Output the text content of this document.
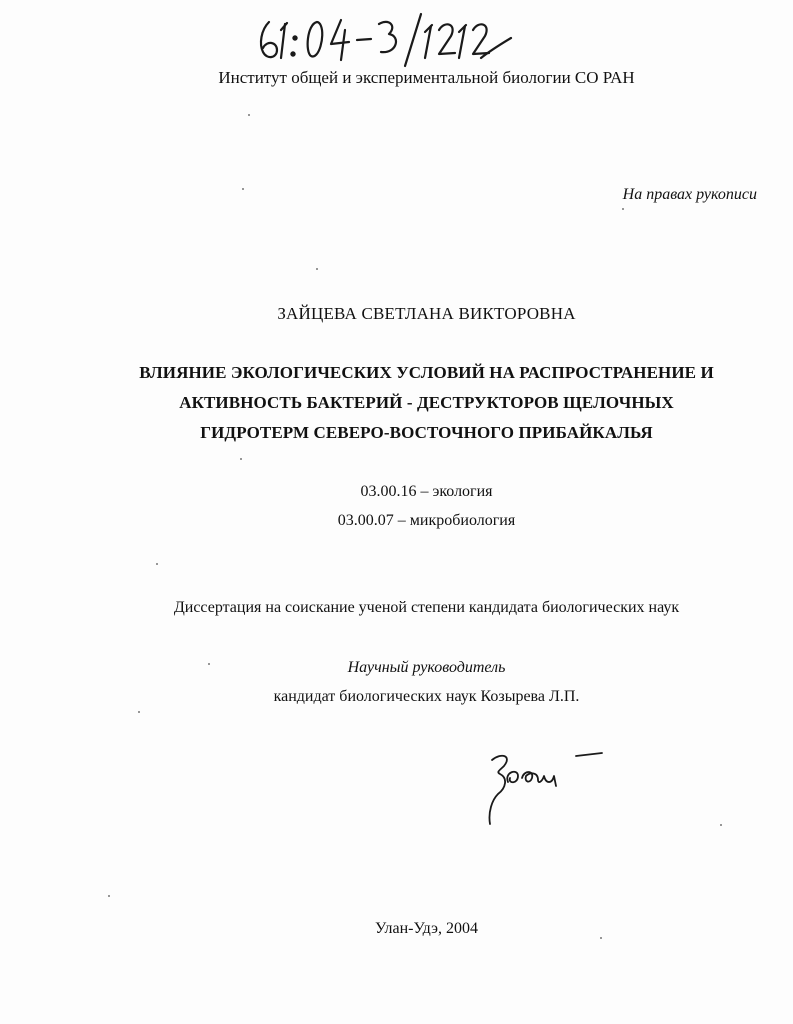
Институт общей и экспериментальной биологии СО РАН
На правах рукописи
ЗАЙЦЕВА СВЕТЛАНА ВИКТОРОВНА
ВЛИЯНИЕ ЭКОЛОГИЧЕСКИХ УСЛОВИЙ НА РАСПРОСТРАНЕНИЕ И
АКТИВНОСТЬ БАКТЕРИЙ - ДЕСТРУКТОРОВ ЩЕЛОЧНЫХ
ГИДРОТЕРМ СЕВЕРО-ВОСТОЧНОГО ПРИБАЙКАЛЬЯ
03.00.16 – экология
03.00.07 – микробиология
Диссертация на соискание ученой степени кандидата биологических наук
Научный руководитель
кандидат биологических наук Козырева Л.П.
Улан-Удэ, 2004
